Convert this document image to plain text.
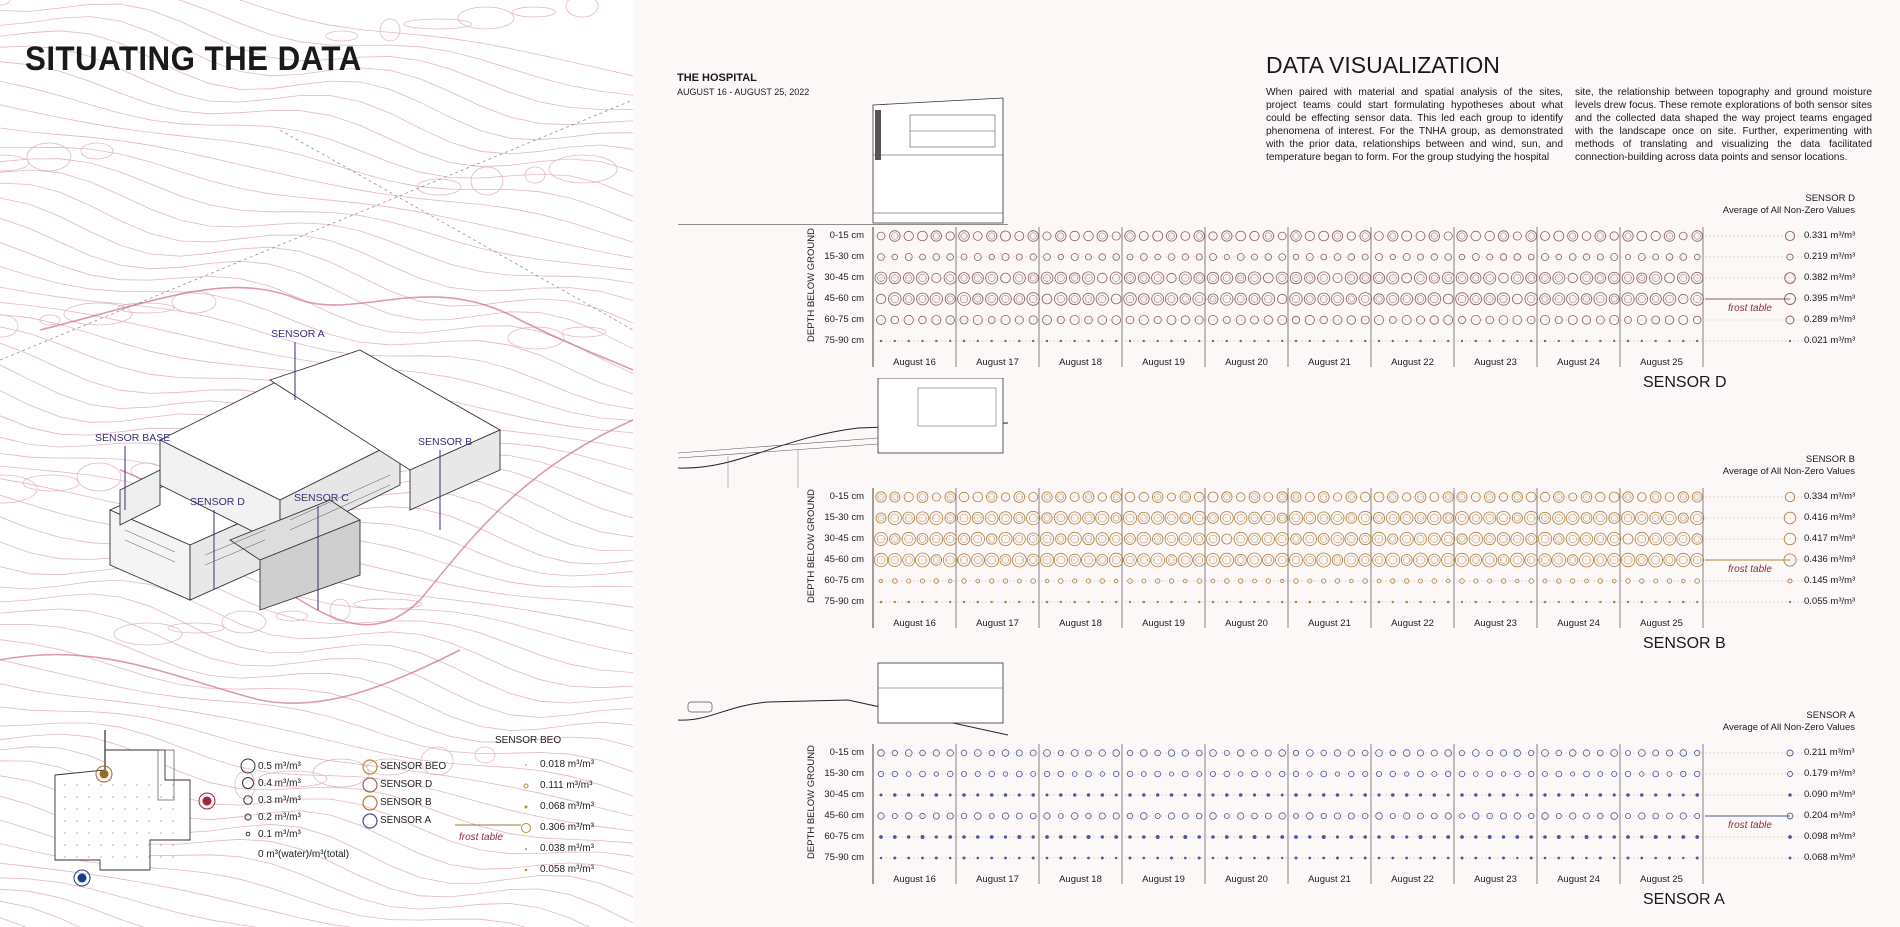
SITUATING THE DATA
SENSOR A
SENSOR BASE	SENSOR B
SENSOR D	SENSOR C
0.5 m³/m³
0.4 m³/m³
0.3 m³/m³
0.2 m³/m³
0.1 m³/m³
0 m³(water)/m³(total)
SENSOR BEO
SENSOR D
SENSOR B
SENSOR A
SENSOR BEO
0.018 m³/m³
0.111 m³/m³
0.068 m³/m³
0.306 m³/m³
0.038 m³/m³
0.058 m³/m³
frost table
THE HOSPITAL
AUGUST 16 - AUGUST 25, 2022
DATA VISUALIZATION
When paired with material and spatial analysis of the sites, project teams could start formulating hypotheses about what could be effecting sensor data. This led each group to identify phenomena of interest. For the TNHA group, as demonstrated with the prior data, relationships between and wind, sun, and temperature began to form. For the group studying the hospital
site, the relationship between topography and ground moisture levels drew focus. These remote explorations of both sensor sites and the collected data shaped the way project teams engaged with the landscape once on site. Further, experimenting with methods of translating and visualizing the data facilitated connection-building across data points and sensor locations.
DEPTH BELOW GROUND	0-15 cm	0.331 m³/m³
15-30 cm	0.219 m³/m³
30-45 cm	0.382 m³/m³
45-60 cm	0.395 m³/m³
60-75 cm	0.289 m³/m³
75-90 cm	0.021 m³/m³
frost table
August 16	August 17	August 18	August 19	August 20	August 21	August 22	August 23	August 24	August 25
SENSOR D
Average of All Non-Zero Values
SENSOR D
DEPTH BELOW GROUND	0-15 cm	0.334 m³/m³
15-30 cm	0.416 m³/m³
30-45 cm	0.417 m³/m³
45-60 cm	0.436 m³/m³
60-75 cm	0.145 m³/m³
75-90 cm	0.055 m³/m³
frost table
August 16	August 17	August 18	August 19	August 20	August 21	August 22	August 23	August 24	August 25
SENSOR B
Average of All Non-Zero Values
SENSOR B
DEPTH BELOW GROUND	0-15 cm	0.211 m³/m³
15-30 cm	0.179 m³/m³
30-45 cm	0.090 m³/m³
45-60 cm	0.204 m³/m³
60-75 cm	0.098 m³/m³
75-90 cm	0.068 m³/m³
frost table
August 16	August 17	August 18	August 19	August 20	August 21	August 22	August 23	August 24	August 25
SENSOR A
Average of All Non-Zero Values
SENSOR A
